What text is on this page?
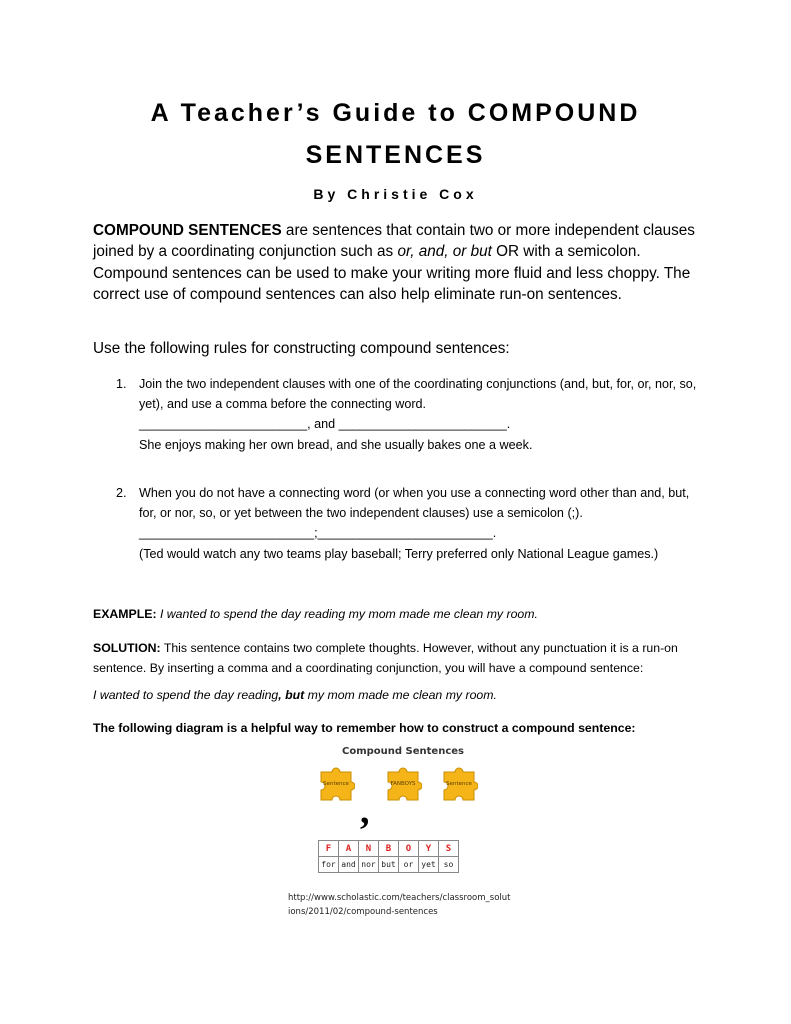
A Teacher’s Guide to COMPOUND
SENTENCES
By Christie Cox
COMPOUND SENTENCES are sentences that contain two or more independent clauses joined by a coordinating conjunction such as or, and, or but OR with a semicolon. Compound sentences can be used to make your writing more fluid and less choppy. The correct use of compound sentences can also help eliminate run-on sentences.
Use the following rules for constructing compound sentences:
1. Join the two independent clauses with one of the coordinating conjunctions (and, but, for, or, nor, so, yet), and use a comma before the connecting word.
________________________, and ________________________.
She enjoys making her own bread, and she usually bakes one a week.
2. When you do not have a connecting word (or when you use a connecting word other than and, but, for, or nor, so, or yet between the two independent clauses) use a semicolon (;).
_________________________;_________________________.
(Ted would watch any two teams play baseball; Terry preferred only National League games.)
EXAMPLE: I wanted to spend the day reading my mom made me clean my room.
SOLUTION: This sentence contains two complete thoughts. However, without any punctuation it is a run-on sentence. By inserting a comma and a coordinating conjunction, you will have a compound sentence:
I wanted to spend the day reading, but my mom made me clean my room.
The following diagram is a helpful way to remember how to construct a compound sentence:
Compound Sentences
Sentence	FANBOYS	Sentence
,
F	A	N	B	O	Y	S
for	and	nor	but	or	yet	so
http://www.scholastic.com/teachers/classroom_solut
ions/2011/02/compound-sentences
